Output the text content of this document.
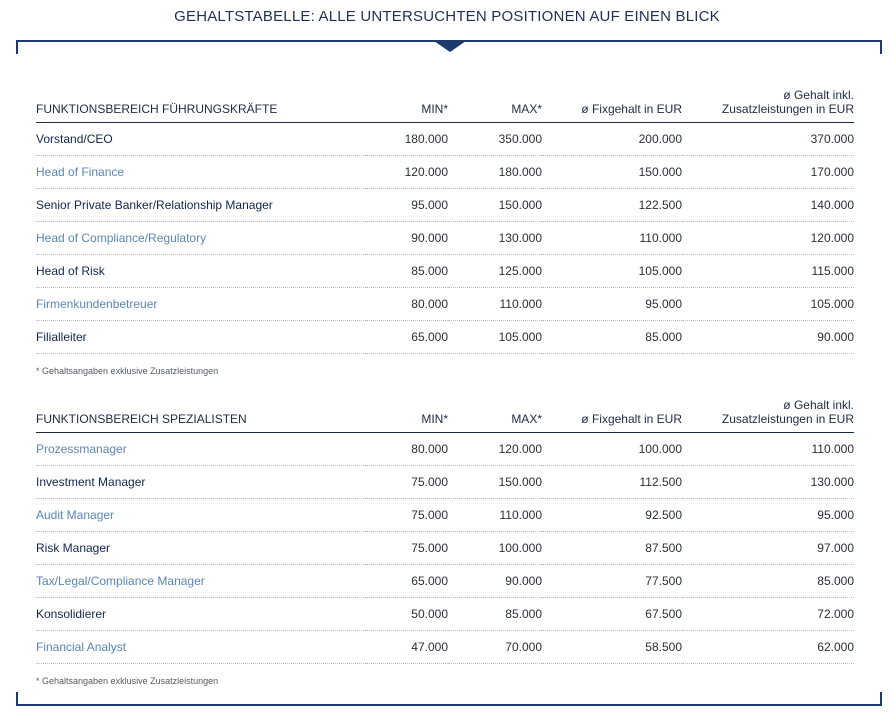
GEHALTSTABELLE: ALLE UNTERSUCHTEN POSITIONEN AUF EINEN BLICK
FUNKTIONSBEREICH FÜHRUNGSKRÄFTE	MIN*	MAX*	ø Fixgehalt in EUR	ø Gehalt inkl.
Zusatzleistungen in EUR
Vorstand/CEO	180.000	350.000	200.000	370.000
Head of Finance	120.000	180.000	150.000	170.000
Senior Private Banker/Relationship Manager	95.000	150.000	122.500	140.000
Head of Compliance/Regulatory	90.000	130.000	110.000	120.000
Head of Risk	85.000	125.000	105.000	115.000
Firmenkundenbetreuer	80.000	110.000	95.000	105.000
Filialleiter	65.000	105.000	85.000	90.000
* Gehaltsangaben exklusive Zusatzleistungen
FUNKTIONSBEREICH SPEZIALISTEN	MIN*	MAX*	ø Fixgehalt in EUR	ø Gehalt inkl.
Zusatzleistungen in EUR
Prozessmanager	80.000	120.000	100.000	110.000
Investment Manager	75.000	150.000	112.500	130.000
Audit Manager	75.000	110.000	92.500	95.000
Risk Manager	75.000	100.000	87.500	97.000
Tax/Legal/Compliance Manager	65.000	90.000	77.500	85.000
Konsolidierer	50.000	85.000	67.500	72.000
Financial Analyst	47.000	70.000	58.500	62.000
* Gehaltsangaben exklusive Zusatzleistungen
